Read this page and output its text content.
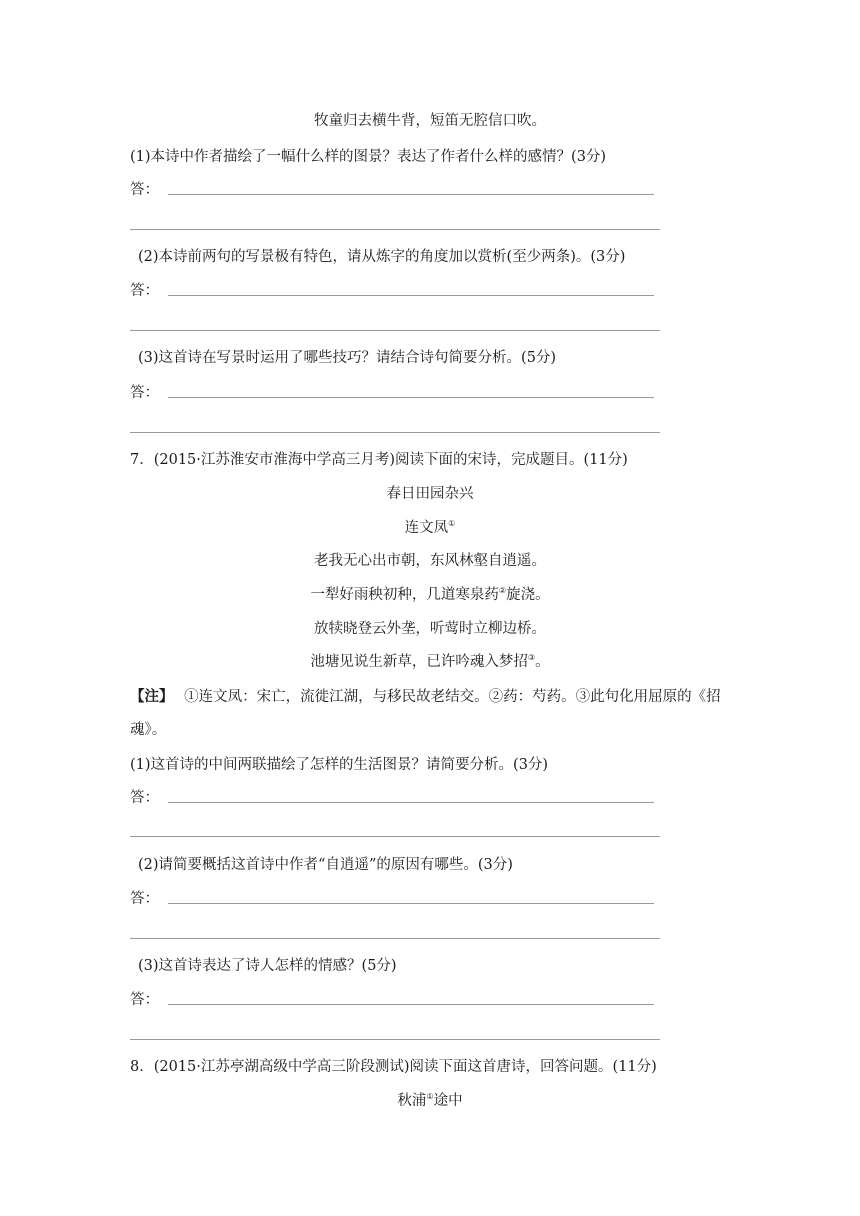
牧童归去横牛背，短笛无腔信口吹。
(1)本诗中作者描绘了一幅什么样的图景？表达了作者什么样的感情？(3分)
答：
(2)本诗前两句的写景极有特色，请从炼字的角度加以赏析(至少两条)。(3分)
答：
(3)这首诗在写景时运用了哪些技巧？请结合诗句简要分析。(5分)
答：
7．(2015·江苏淮安市淮海中学高三月考)阅读下面的宋诗，完成题目。(11分)
春日田园杂兴
连文凤①
老我无心出市朝，东风林壑自逍遥。
一犁好雨秧初种，几道寒泉药②旋浇。
放犊晓登云外垄，听莺时立柳边桥。
池塘见说生新草，已许吟魂入梦招③。
【注】 ①连文凤：宋亡，流徙江湖，与移民故老结交。②药：芍药。③此句化用屈原的《招
魂》。
(1)这首诗的中间两联描绘了怎样的生活图景？请简要分析。(3分)
答：
(2)请简要概括这首诗中作者“自逍遥”的原因有哪些。(3分)
答：
(3)这首诗表达了诗人怎样的情感？(5分)
答：
8．(2015·江苏亭湖高级中学高三阶段测试)阅读下面这首唐诗，回答问题。(11分)
秋浦①途中
